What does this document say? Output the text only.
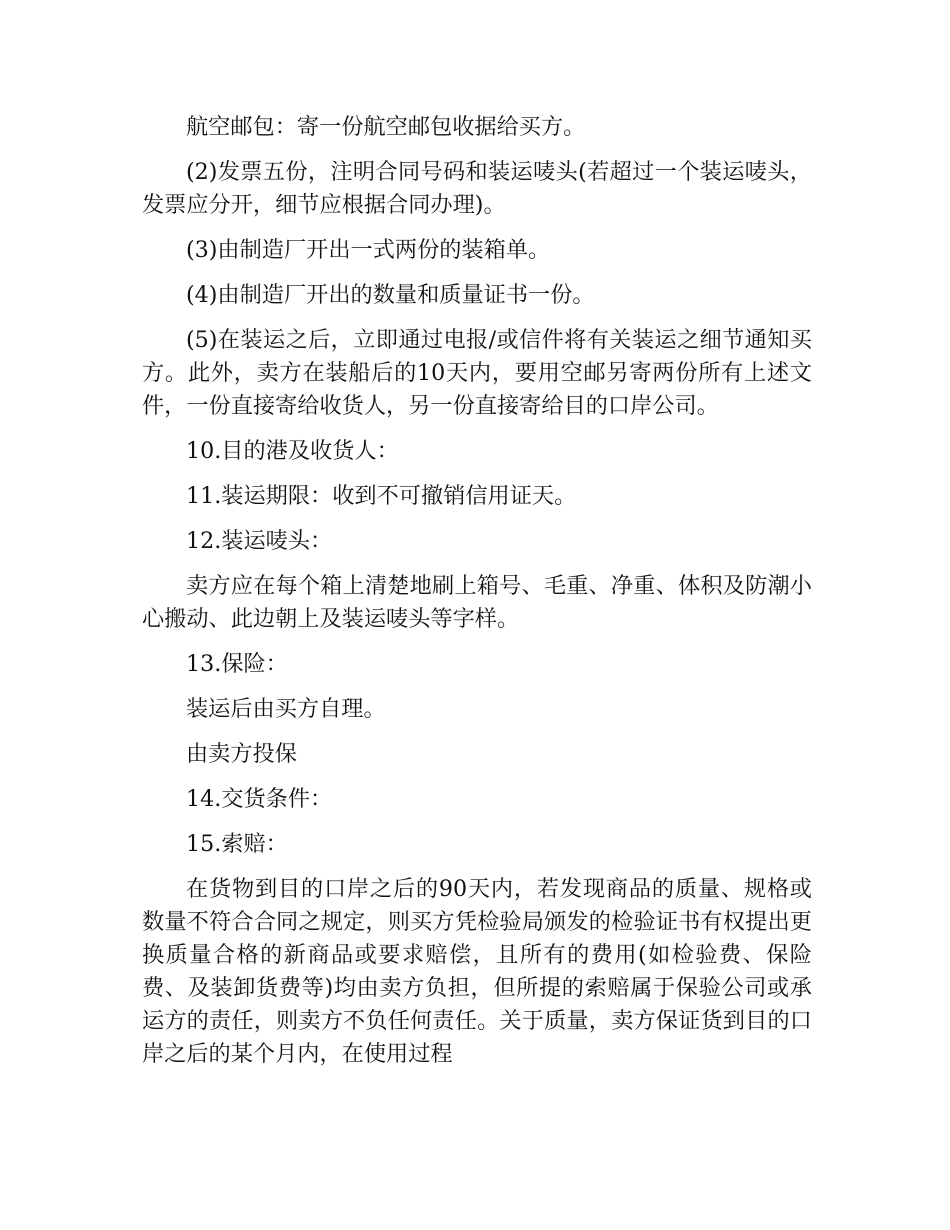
航空邮包：寄一份航空邮包收据给买方。

(2)发票五份，注明合同号码和装运唛头(若超过一个装运唛头，发票应分开，细节应根据合同办理)。

(3)由制造厂开出一式两份的装箱单。

(4)由制造厂开出的数量和质量证书一份。

(5)在装运之后，立即通过电报/或信件将有关装运之细节通知买方。此外，卖方在装船后的10天内，要用空邮另寄两份所有上述文件，一份直接寄给收货人，另一份直接寄给目的口岸公司。

10.目的港及收货人：

11.装运期限：收到不可撤销信用证天。

12.装运唛头：

卖方应在每个箱上清楚地刷上箱号、毛重、净重、体积及防潮小心搬动、此边朝上及装运唛头等字样。

13.保险：

装运后由买方自理。

由卖方投保

14.交货条件：

15.索赔：

在货物到目的口岸之后的90天内，若发现商品的质量、规格或数量不符合合同之规定，则买方凭检验局颁发的检验证书有权提出更换质量合格的新商品或要求赔偿，且所有的费用(如检验费、保险费、及装卸货费等)均由卖方负担，但所提的索赔属于保验公司或承运方的责任，则卖方不负任何责任。关于质量，卖方保证货到目的口岸之后的某个月内，在使用过程
